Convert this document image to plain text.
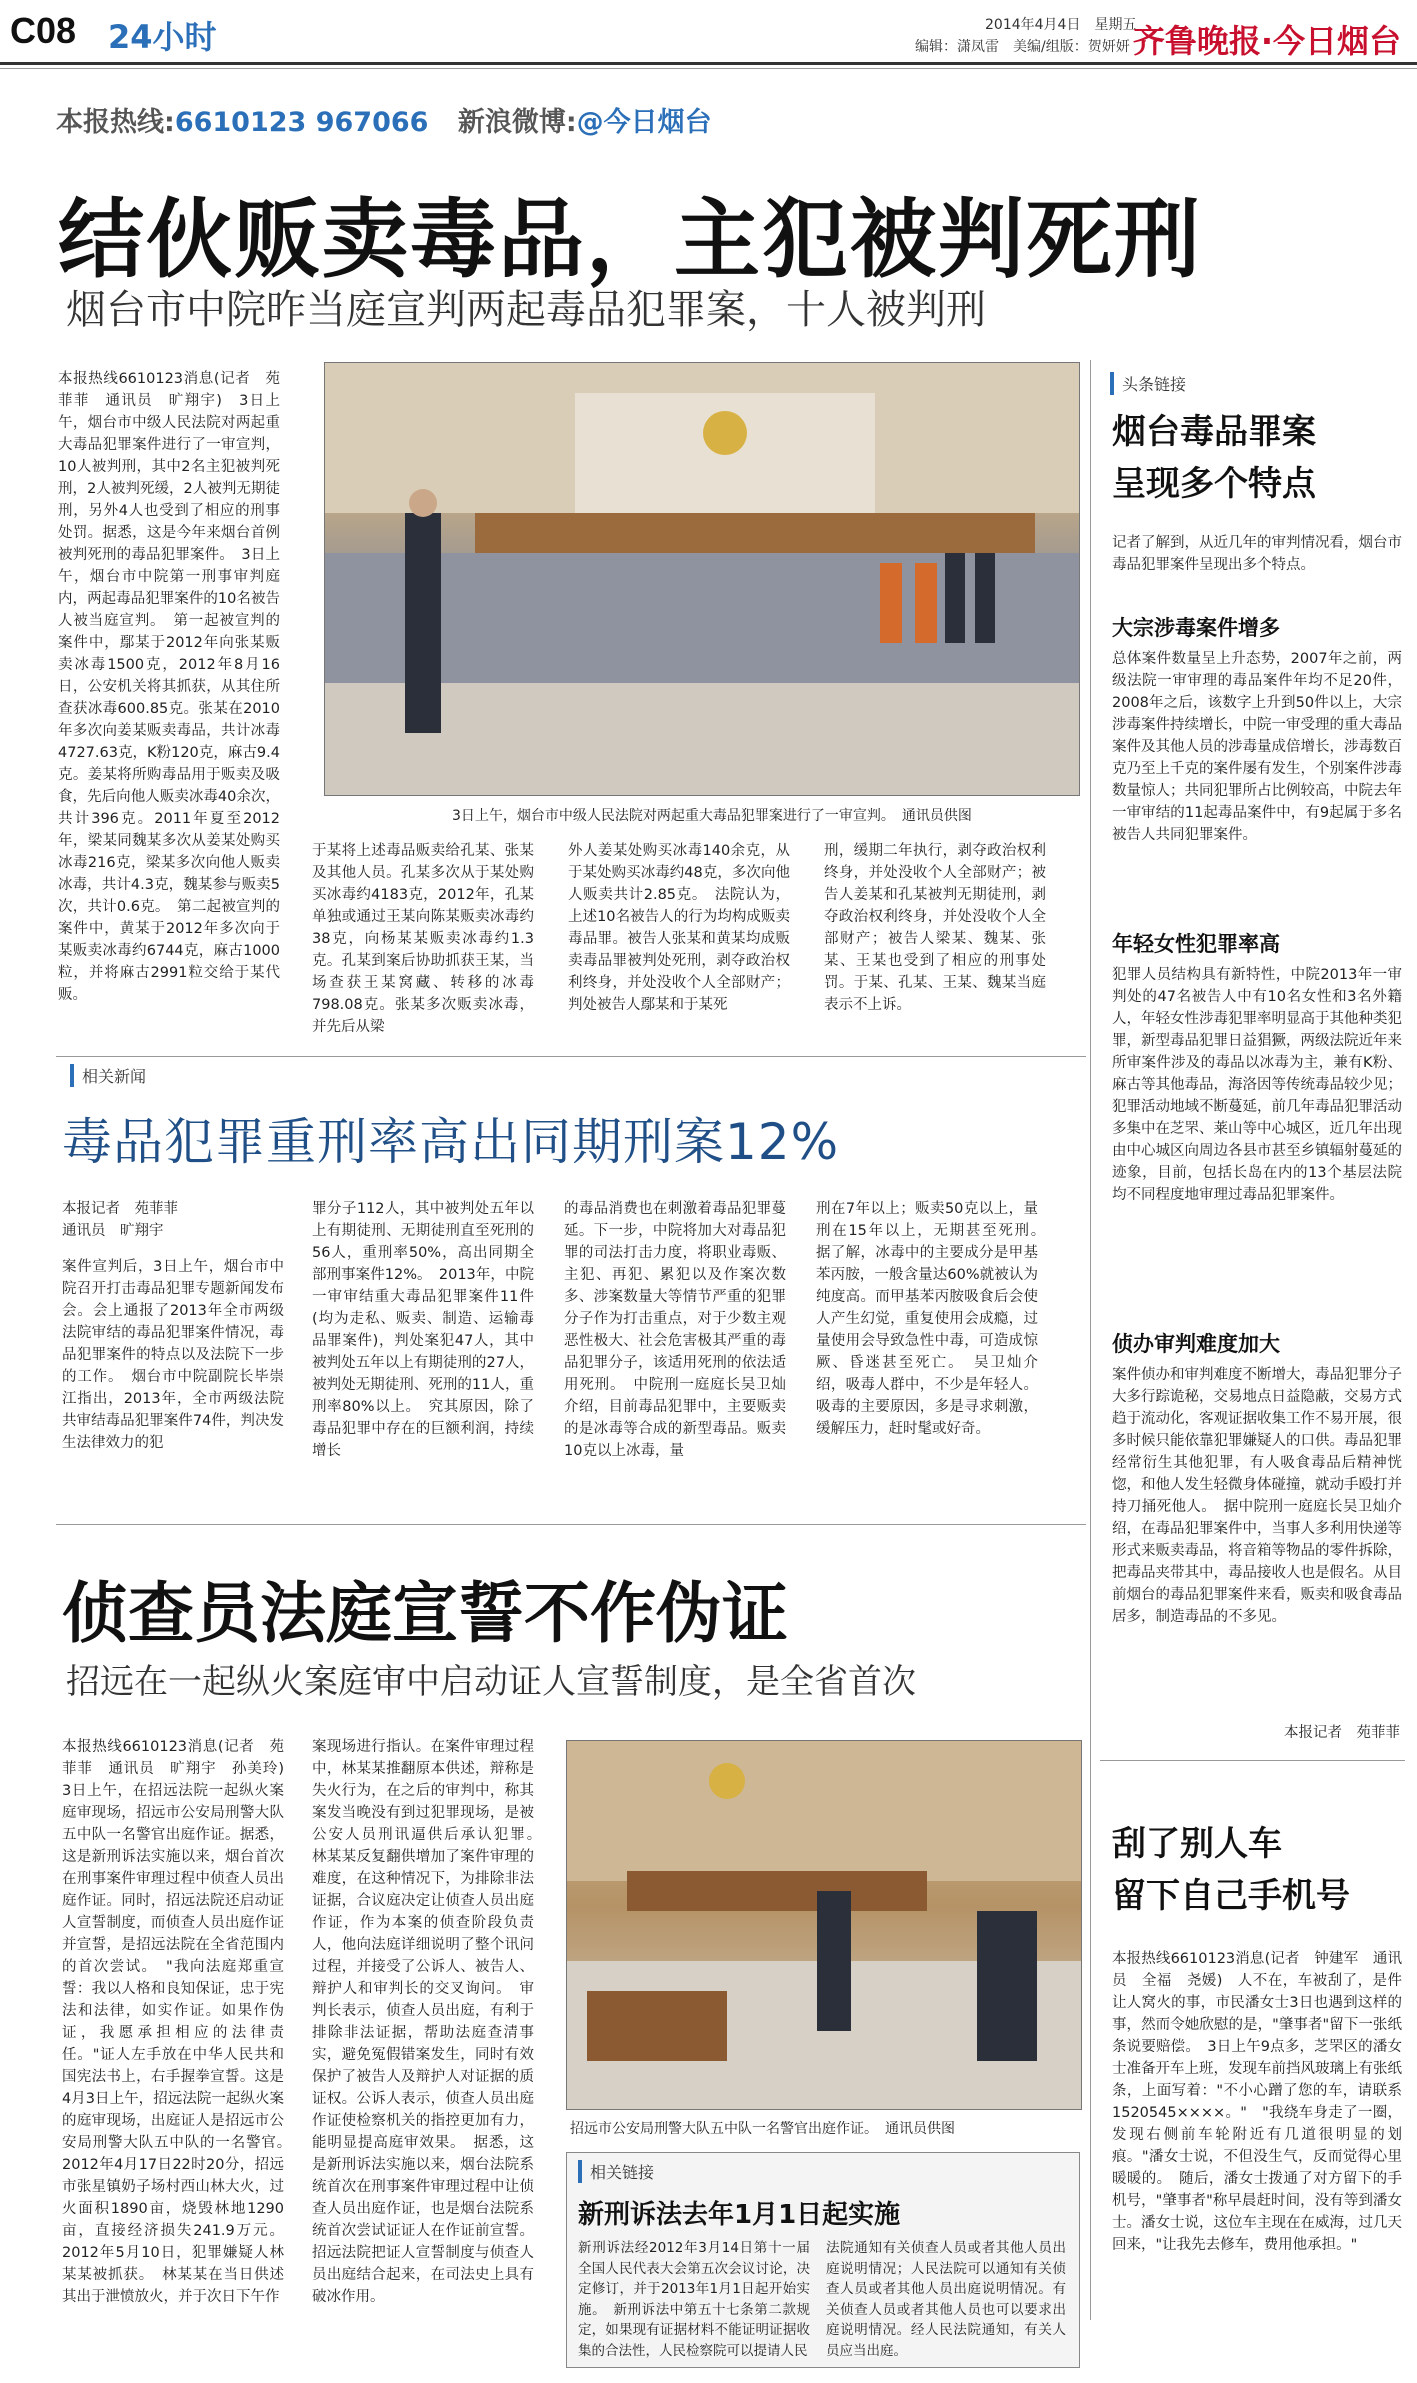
C08 24小时	2014年4月4日　星期五
编辑：潇凤雷　美编/组版：贺妍妍 齐鲁晚报·今日烟台
本报热线:6610123 967066 新浪微博:@今日烟台
结伙贩卖毒品，主犯被判死刑
烟台市中院昨当庭宣判两起毒品犯罪案，十人被判刑
本报热线6610123消息(记者　苑菲菲　通讯员　旷翔宇)　3日上午，烟台市中级人民法院对两起重大毒品犯罪案件进行了一审宣判，10人被判刑，其中2名主犯被判死刑，2人被判死缓，2人被判无期徒刑，另外4人也受到了相应的刑事处罚。据悉，这是今年来烟台首例被判死刑的毒品犯罪案件。　3日上午，烟台市中院第一刑事审判庭内，两起毒品犯罪案件的10名被告人被当庭宣判。　第一起被宣判的案件中，鄢某于2012年向张某贩卖冰毒1500克，2012年8月16日，公安机关将其抓获，从其住所查获冰毒600.85克。张某在2010年多次向姜某贩卖毒品，共计冰毒4727.63克，K粉120克，麻古9.4克。姜某将所购毒品用于贩卖及吸食，先后向他人贩卖冰毒40余次，共计396克。2011年夏至2012年，梁某同魏某多次从姜某处购买冰毒216克，梁某多次向他人贩卖冰毒，共计4.3克，魏某参与贩卖5次，共计0.6克。　第二起被宣判的案件中，黄某于2012年多次向于某贩卖冰毒约6744克，麻古1000粒，并将麻古2991粒交给于某代贩。
3日上午，烟台市中级人民法院对两起重大毒品犯罪案进行了一审宣判。　通讯员供图
于某将上述毒品贩卖给孔某、张某及其他人员。孔某多次从于某处购买冰毒约4183克，2012年，孔某单独或通过王某向陈某贩卖冰毒约38克，向杨某某贩卖冰毒约1.3克。孔某到案后协助抓获王某，当场查获王某窝藏、转移的冰毒798.08克。张某多次贩卖冰毒，并先后从梁
外人姜某处购买冰毒140余克，从于某处购买冰毒约48克，多次向他人贩卖共计2.85克。　法院认为，上述10名被告人的行为均构成贩卖毒品罪。被告人张某和黄某均成贩卖毒品罪被判处死刑，剥夺政治权利终身，并处没收个人全部财产；判处被告人鄢某和于某死
刑，缓期二年执行，剥夺政治权利终身，并处没收个人全部财产；被告人姜某和孔某被判无期徒刑，剥夺政治权利终身，并处没收个人全部财产；被告人梁某、魏某、张某、王某也受到了相应的刑事处罚。于某、孔某、王某、魏某当庭表示不上诉。
头条链接
烟台毒品罪案
呈现多个特点
记者了解到，从近几年的审判情况看，烟台市毒品犯罪案件呈现出多个特点。
大宗涉毒案件增多
总体案件数量呈上升态势，2007年之前，两级法院一审审理的毒品案件年均不足20件，2008年之后，该数字上升到50件以上，大宗涉毒案件持续增长，中院一审受理的重大毒品案件及其他人员的涉毒量成倍增长，涉毒数百克乃至上千克的案件屡有发生，个别案件涉毒数量惊人；共同犯罪所占比例较高，中院去年一审审结的11起毒品案件中，有9起属于多名被告人共同犯罪案件。
年轻女性犯罪率高
犯罪人员结构具有新特性，中院2013年一审判处的47名被告人中有10名女性和3名外籍人，年轻女性涉毒犯罪率明显高于其他种类犯罪，新型毒品犯罪日益猖獗，两级法院近年来所审案件涉及的毒品以冰毒为主，兼有K粉、麻古等其他毒品，海洛因等传统毒品较少见；犯罪活动地域不断蔓延，前几年毒品犯罪活动多集中在芝罘、莱山等中心城区，近几年出现由中心城区向周边各县市甚至乡镇辐射蔓延的迹象，目前，包括长岛在内的13个基层法院均不同程度地审理过毒品犯罪案件。
侦办审判难度加大
案件侦办和审判难度不断增大，毒品犯罪分子大多行踪诡秘，交易地点日益隐蔽，交易方式趋于流动化，客观证据收集工作不易开展，很多时候只能依靠犯罪嫌疑人的口供。毒品犯罪经常衍生其他犯罪，有人吸食毒品后精神恍惚，和他人发生轻微身体碰撞，就动手殴打并持刀捅死他人。　据中院刑一庭庭长吴卫灿介绍，在毒品犯罪案件中，当事人多利用快递等形式来贩卖毒品，将音箱等物品的零件拆除，把毒品夹带其中，毒品接收人也是假名。从目前烟台的毒品犯罪案件来看，贩卖和吸食毒品居多，制造毒品的不多见。
本报记者　苑菲菲
刮了别人车
留下自己手机号
本报热线6610123消息(记者　钟建军　通讯员　全福　尧媛)　人不在，车被刮了，是件让人窝火的事，市民潘女士3日也遇到这样的事，然而令她欣慰的是，"肇事者"留下一张纸条说要赔偿。　3日上午9点多，芝罘区的潘女士准备开车上班，发现车前挡风玻璃上有张纸条，上面写着："不小心蹭了您的车，请联系1520545××××。"　"我绕车身走了一圈，发现右侧前车轮附近有几道很明显的划痕。"潘女士说，不但没生气，反而觉得心里暖暖的。　随后，潘女士拨通了对方留下的手机号，"肇事者"称早晨赶时间，没有等到潘女士。潘女士说，这位车主现在在威海，过几天回来，"让我先去修车，费用他承担。"
相关新闻
毒品犯罪重刑率高出同期刑案12%
本报记者　苑菲菲
通讯员　旷翔宇
案件宣判后，3日上午，烟台市中院召开打击毒品犯罪专题新闻发布会。会上通报了2013年全市两级法院审结的毒品犯罪案件情况，毒品犯罪案件的特点以及法院下一步的工作。　烟台市中院副院长毕崇江指出，2013年，全市两级法院共审结毒品犯罪案件74件，判决发生法律效力的犯
罪分子112人，其中被判处五年以上有期徒刑、无期徒刑直至死刑的56人，重刑率50%，高出同期全部刑事案件12%。　2013年，中院一审审结重大毒品犯罪案件11件(均为走私、贩卖、制造、运输毒品罪案件)，判处案犯47人，其中被判处五年以上有期徒刑的27人，被判处无期徒刑、死刑的11人，重刑率80%以上。　究其原因，除了毒品犯罪中存在的巨额利润，持续增长
的毒品消费也在刺激着毒品犯罪蔓延。下一步，中院将加大对毒品犯罪的司法打击力度，将职业毒贩、主犯、再犯、累犯以及作案次数多、涉案数量大等情节严重的犯罪分子作为打击重点，对于少数主观恶性极大、社会危害极其严重的毒品犯罪分子，该适用死刑的依法适用死刑。　中院刑一庭庭长吴卫灿介绍，目前毒品犯罪中，主要贩卖的是冰毒等合成的新型毒品。贩卖10克以上冰毒，量
刑在7年以上；贩卖50克以上，量刑在15年以上，无期甚至死刑。　据了解，冰毒中的主要成分是甲基苯丙胺，一般含量达60%就被认为纯度高。而甲基苯丙胺吸食后会使人产生幻觉，重复使用会成瘾，过量使用会导致急性中毒，可造成惊厥、昏迷甚至死亡。　吴卫灿介绍，吸毒人群中，不少是年轻人。吸毒的主要原因，多是寻求刺激，缓解压力，赶时髦或好奇。
侦查员法庭宣誓不作伪证
招远在一起纵火案庭审中启动证人宣誓制度，是全省首次
本报热线6610123消息(记者　苑菲菲　通讯员　旷翔宇　孙美玲)　3日上午，在招远法院一起纵火案庭审现场，招远市公安局刑警大队五中队一名警官出庭作证。据悉，这是新刑诉法实施以来，烟台首次在刑事案件审理过程中侦查人员出庭作证。同时，招远法院还启动证人宣誓制度，而侦查人员出庭作证并宣誓，是招远法院在全省范围内的首次尝试。　"我向法庭郑重宣誓：我以人格和良知保证，忠于宪法和法律，如实作证。如果作伪证，我愿承担相应的法律责任。"证人左手放在中华人民共和国宪法书上，右手握拳宣誓。这是4月3日上午，招远法院一起纵火案的庭审现场，出庭证人是招远市公安局刑警大队五中队的一名警官。　2012年4月17日22时20分，招远市张星镇奶子场村西山林大火，过火面积1890亩，烧毁林地1290亩，直接经济损失241.9万元。2012年5月10日，犯罪嫌疑人林某某被抓获。　林某某在当日供述其出于泄愤放火，并于次日下午作
案现场进行指认。在案件审理过程中，林某某推翻原本供述，辩称是失火行为，在之后的审判中，称其案发当晚没有到过犯罪现场，是被公安人员刑讯逼供后承认犯罪。　林某某反复翻供增加了案件审理的难度，在这种情况下，为排除非法证据，合议庭决定让侦查人员出庭作证，作为本案的侦查阶段负责人，他向法庭详细说明了整个讯问过程，并接受了公诉人、被告人、辩护人和审判长的交叉询问。　审判长表示，侦查人员出庭，有利于排除非法证据，帮助法庭查清事实，避免冤假错案发生，同时有效保护了被告人及辩护人对证据的质证权。公诉人表示，侦查人员出庭作证使检察机关的指控更加有力，能明显提高庭审效果。　据悉，这是新刑诉法实施以来，烟台法院系统首次在刑事案件审理过程中让侦查人员出庭作证，也是烟台法院系统首次尝试证证人在作证前宣誓。招远法院把证人宣誓制度与侦查人员出庭结合起来，在司法史上具有破冰作用。
招远市公安局刑警大队五中队一名警官出庭作证。　通讯员供图
相关链接
新刑诉法去年1月1日起实施
新刑诉法经2012年3月14日第十一届全国人民代表大会第五次会议讨论，决定修订，并于2013年1月1日起开始实施。　新刑诉法中第五十七条第二款规定，如果现有证据材料不能证明证据收集的合法性，人民检察院可以提请人民
法院通知有关侦查人员或者其他人员出庭说明情况；人民法院可以通知有关侦查人员或者其他人员出庭说明情况。有关侦查人员或者其他人员也可以要求出庭说明情况。经人民法院通知，有关人员应当出庭。
